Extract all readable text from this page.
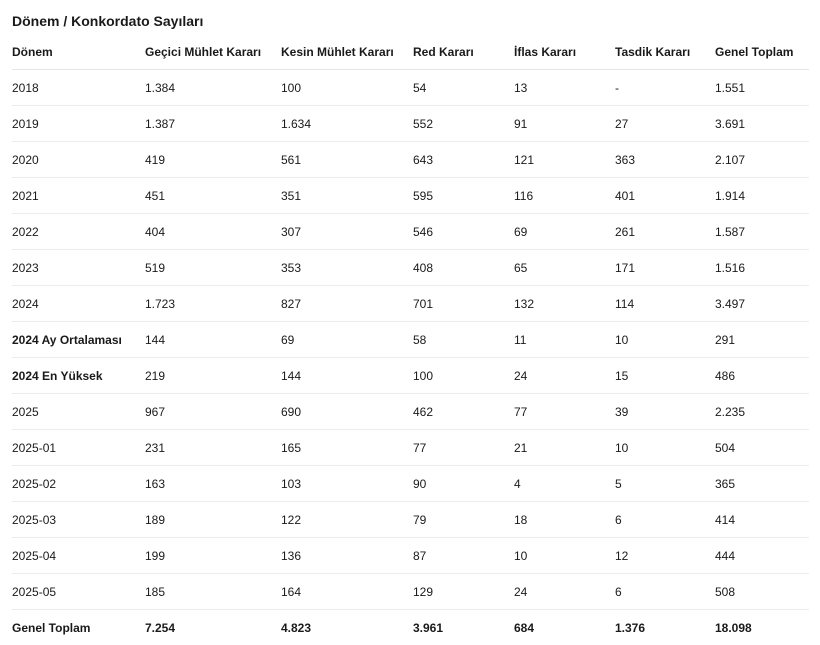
Dönem / Konkordato Sayıları
Dönem	Geçici Mühlet Kararı	Kesin Mühlet Kararı	Red Kararı	İflas Kararı	Tasdik Kararı	Genel Toplam
2018	1.384	100	54	13	-	1.551
2019	1.387	1.634	552	91	27	3.691
2020	419	561	643	121	363	2.107
2021	451	351	595	116	401	1.914
2022	404	307	546	69	261	1.587
2023	519	353	408	65	171	1.516
2024	1.723	827	701	132	114	3.497
2024 Ay Ortalaması	144	69	58	11	10	291
2024 En Yüksek	219	144	100	24	15	486
2025	967	690	462	77	39	2.235
2025-01	231	165	77	21	10	504
2025-02	163	103	90	4	5	365
2025-03	189	122	79	18	6	414
2025-04	199	136	87	10	12	444
2025-05	185	164	129	24	6	508
Genel Toplam	7.254	4.823	3.961	684	1.376	18.098
